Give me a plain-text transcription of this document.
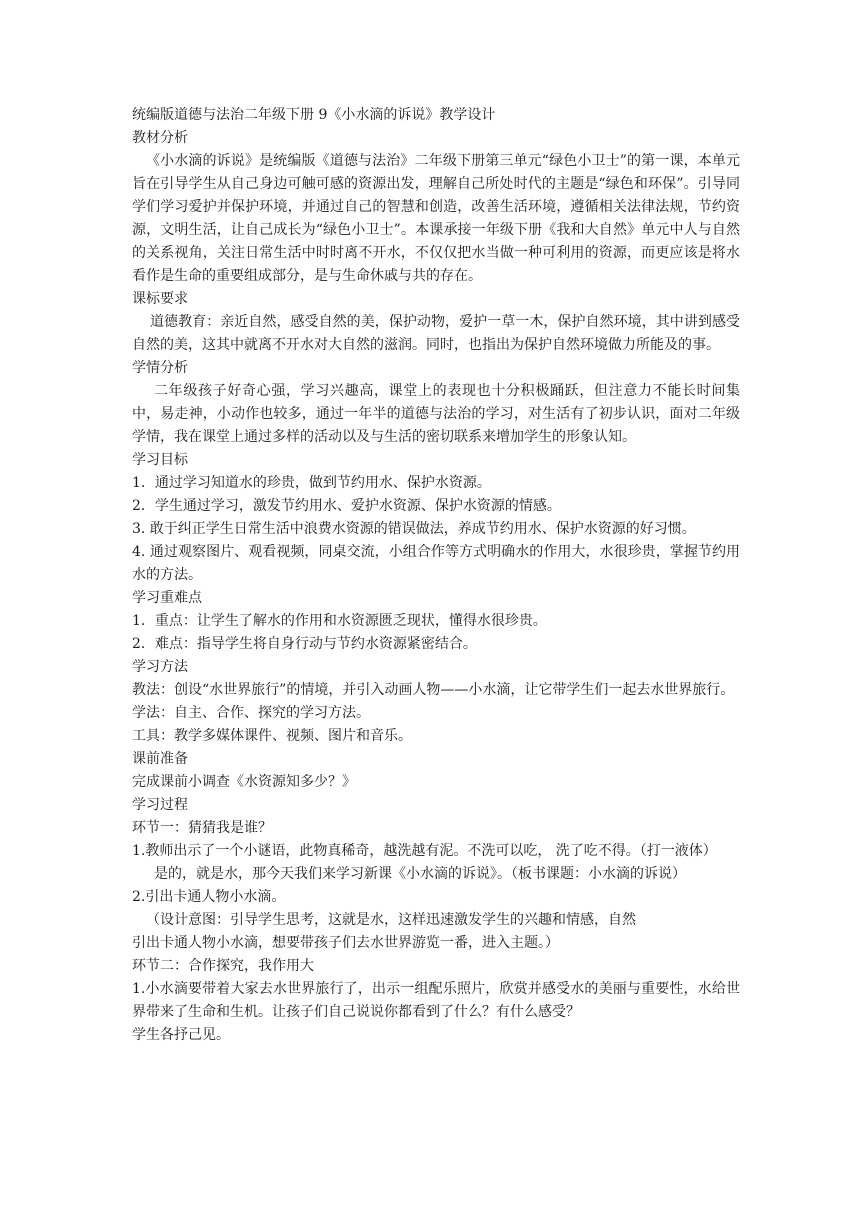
统编版道德与法治二年级下册 9《小水滴的诉说》教学设计
教材分析
《小水滴的诉说》是统编版《道德与法治》二年级下册第三单元“绿色小卫士”的第一课，本单元旨在引导学生从自己身边可触可感的资源出发，理解自己所处时代的主题是“绿色和环保”。引导同学们学习爱护并保护环境，并通过自己的智慧和创造，改善生活环境，遵循相关法律法规，节约资源，文明生活，让自己成长为“绿色小卫士”。本课承接一年级下册《我和大自然》单元中人与自然的关系视角，关注日常生活中时时离不开水，不仅仅把水当做一种可利用的资源，而更应该是将水看作是生命的重要组成部分，是与生命休戚与共的存在。
课标要求
道德教育：亲近自然，感受自然的美，保护动物，爱护一草一木，保护自然环境，其中讲到感受自然的美，这其中就离不开水对大自然的滋润。同时，也指出为保护自然环境做力所能及的事。
学情分析
二年级孩子好奇心强，学习兴趣高，课堂上的表现也十分积极踊跃，但注意力不能长时间集中，易走神，小动作也较多，通过一年半的道德与法治的学习，对生活有了初步认识，面对二年级学情，我在课堂上通过多样的活动以及与生活的密切联系来增加学生的形象认知。
学习目标
1．通过学习知道水的珍贵，做到节约用水、保护水资源。
2．学生通过学习，激发节约用水、爱护水资源、保护水资源的情感。
3. 敢于纠正学生日常生活中浪费水资源的错误做法，养成节约用水、保护水资源的好习惯。
4. 通过观察图片、观看视频，同桌交流，小组合作等方式明确水的作用大，水很珍贵，掌握节约用水的方法。
学习重难点
1．重点：让学生了解水的作用和水资源匮乏现状，懂得水很珍贵。
2．难点：指导学生将自身行动与节约水资源紧密结合。
学习方法
教法：创设“水世界旅行”的情境，并引入动画人物——小水滴，让它带学生们一起去水世界旅行。
学法：自主、合作、探究的学习方法。
工具：教学多媒体课件、视频、图片和音乐。
课前准备
完成课前小调查《水资源知多少？》
学习过程
环节一：猜猜我是谁？
1.教师出示了一个小谜语，此物真稀奇，越洗越有泥。不洗可以吃， 洗了吃不得。（打一液体）
是的，就是水，那今天我们来学习新课《小水滴的诉说》。（板书课题：小水滴的诉说）
2.引出卡通人物小水滴。
（设计意图：引导学生思考，这就是水，这样迅速激发学生的兴趣和情感，自然
引出卡通人物小水滴，想要带孩子们去水世界游览一番，进入主题。）
环节二：合作探究，我作用大
1.小水滴要带着大家去水世界旅行了，出示一组配乐照片，欣赏并感受水的美丽与重要性，水给世界带来了生命和生机。让孩子们自己说说你都看到了什么？有什么感受？
学生各抒己见。
